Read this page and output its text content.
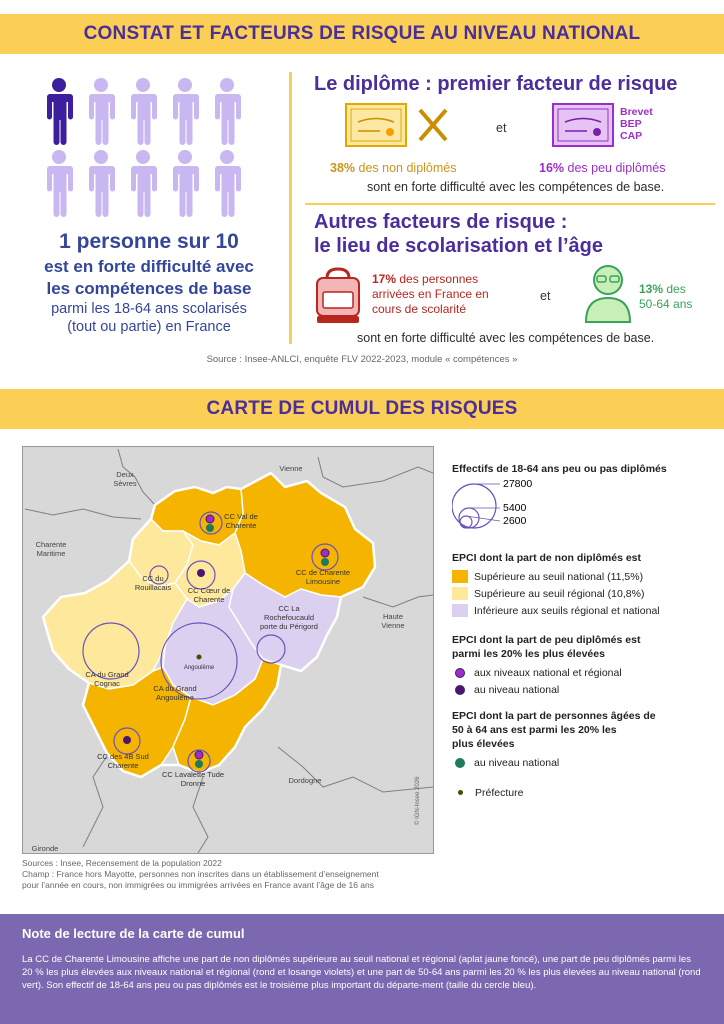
CONSTAT ET FACTEURS DE RISQUE AU NIVEAU NATIONAL
1 personne sur 10
est en forte difficulté avec
les compétences de base
parmi les 18-64 ans scolarisés
(tout ou partie) en France
Le diplôme : premier facteur de risque
et
Brevet
BEP
CAP
38% des non diplômés	16% des peu diplômés
sont en forte difficulté avec les compétences de base.
Autres facteurs de risque :
le lieu de scolarisation et l’âge
17% des personnes
arrivées en France en
cours de scolarité
et	13% des
50-64 ans
sont en forte difficulté avec les compétences de base.
Source : Insee-ANLCI, enquête FLV 2022-2023, module « compétences »
CARTE DE CUMUL DES RISQUES
Deux
Sèvres
Vienne
Charente
Maritime
Haute
Vienne
Dordogne
Gironde
CC Val de
Charente
CC de Charente
Limousine
CC du
Rouillacais CC Cœur de
Charente
CC La
Rochefoucauld
porte du Périgord
CA du Grand
Cognac
CA du Grand
Angoulême
Angoulême
CC des 4B Sud
Charente
CC Lavalette Tude
Dronne	© IGN-Insee 2026
Sources : Insee, Recensement de la population 2022
Champ : France hors Mayotte, personnes non inscrites dans un établissement d’enseignement
pour l’année en cours, non immigrées ou immigrées arrivées en France avant l’âge de 16 ans
Effectifs de 18-64 ans peu ou pas diplômés
27800
5400
2600
EPCI dont la part de non diplômés est
Supérieure au seuil national (11,5%)
Supérieure au seuil régional (10,8%)
Inférieure aux seuils régional et national
EPCI dont la part de peu diplômés est
parmi les 20% les plus élevées
aux niveaux national et régional
au niveau national
EPCI dont la part de personnes âgées de
50 à 64 ans est parmi les 20% les
plus élevées
au niveau national
Préfecture
Note de lecture de la carte de cumul
La CC de Charente Limousine affiche une part de non diplômés supérieure au seuil national et régional (aplat jaune foncé), une part de peu diplômés parmi les 20 % les plus élevées aux niveaux national et régional (rond et losange violets) et une part de 50-64 ans parmi les 20 % les plus élevées au niveau national (rond vert). Son effectif de 18-64 ans peu ou pas diplômés est le troisième plus important du départe-ment (taille du cercle bleu).
